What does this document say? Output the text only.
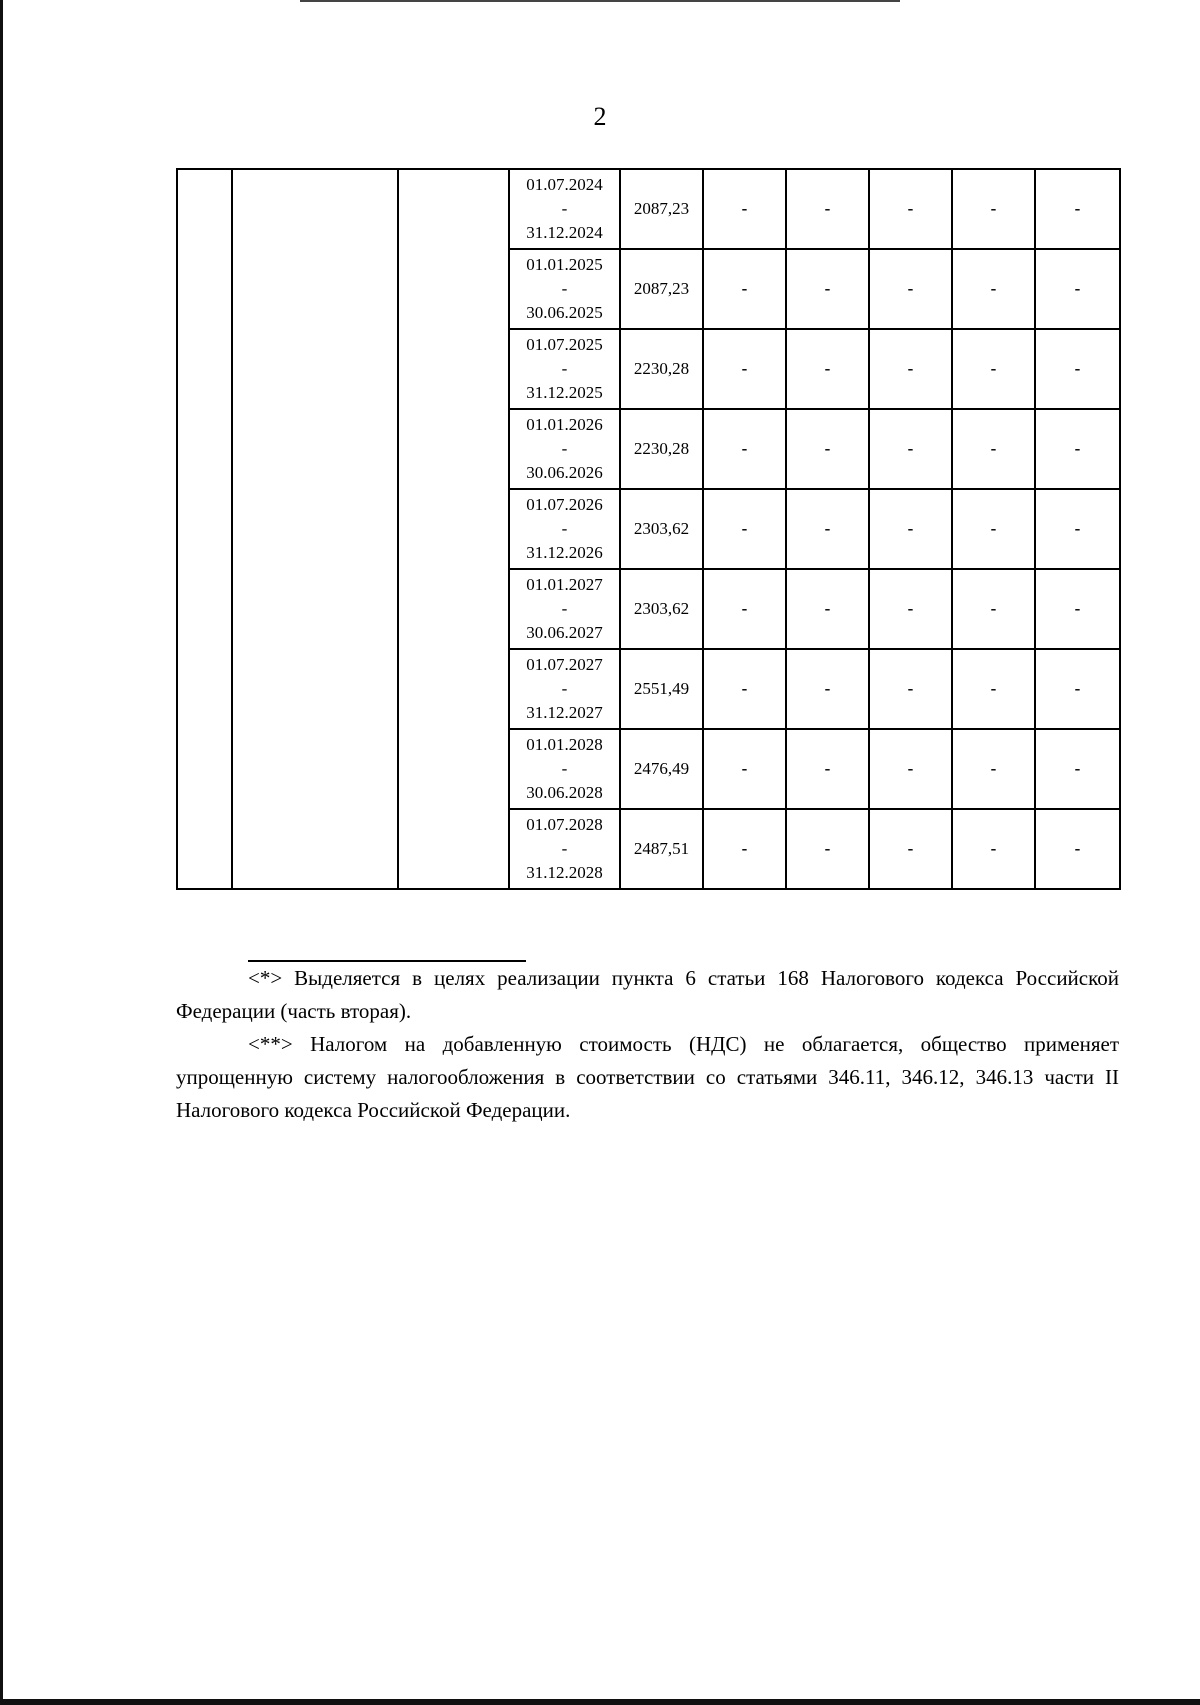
2

			01.07.2024
-
31.12.2024	2087,23	-	-	-	-	-

			01.01.2025
-
30.06.2025	2087,23	-	-	-	-	-

			01.07.2025
-
31.12.2025	2230,28	-	-	-	-	-

			01.01.2026
-
30.06.2026	2230,28	-	-	-	-	-

			01.07.2026
-
31.12.2026	2303,62	-	-	-	-	-

			01.01.2027
-
30.06.2027	2303,62	-	-	-	-	-

			01.07.2027
-
31.12.2027	2551,49	-	-	-	-	-

			01.01.2028
-
30.06.2028	2476,49	-	-	-	-	-

			01.07.2028
-
31.12.2028	2487,51	-	-	-	-	-

<*> Выделяется в целях реализации пункта 6 статьи 168 Налогового кодекса Российской Федерации (часть вторая).

<**> Налогом на добавленную стоимость (НДС) не облагается, общество применяет упрощенную систему налогообложения в соответствии со статьями 346.11, 346.12, 346.13 части II Налогового кодекса Российской Федерации.
